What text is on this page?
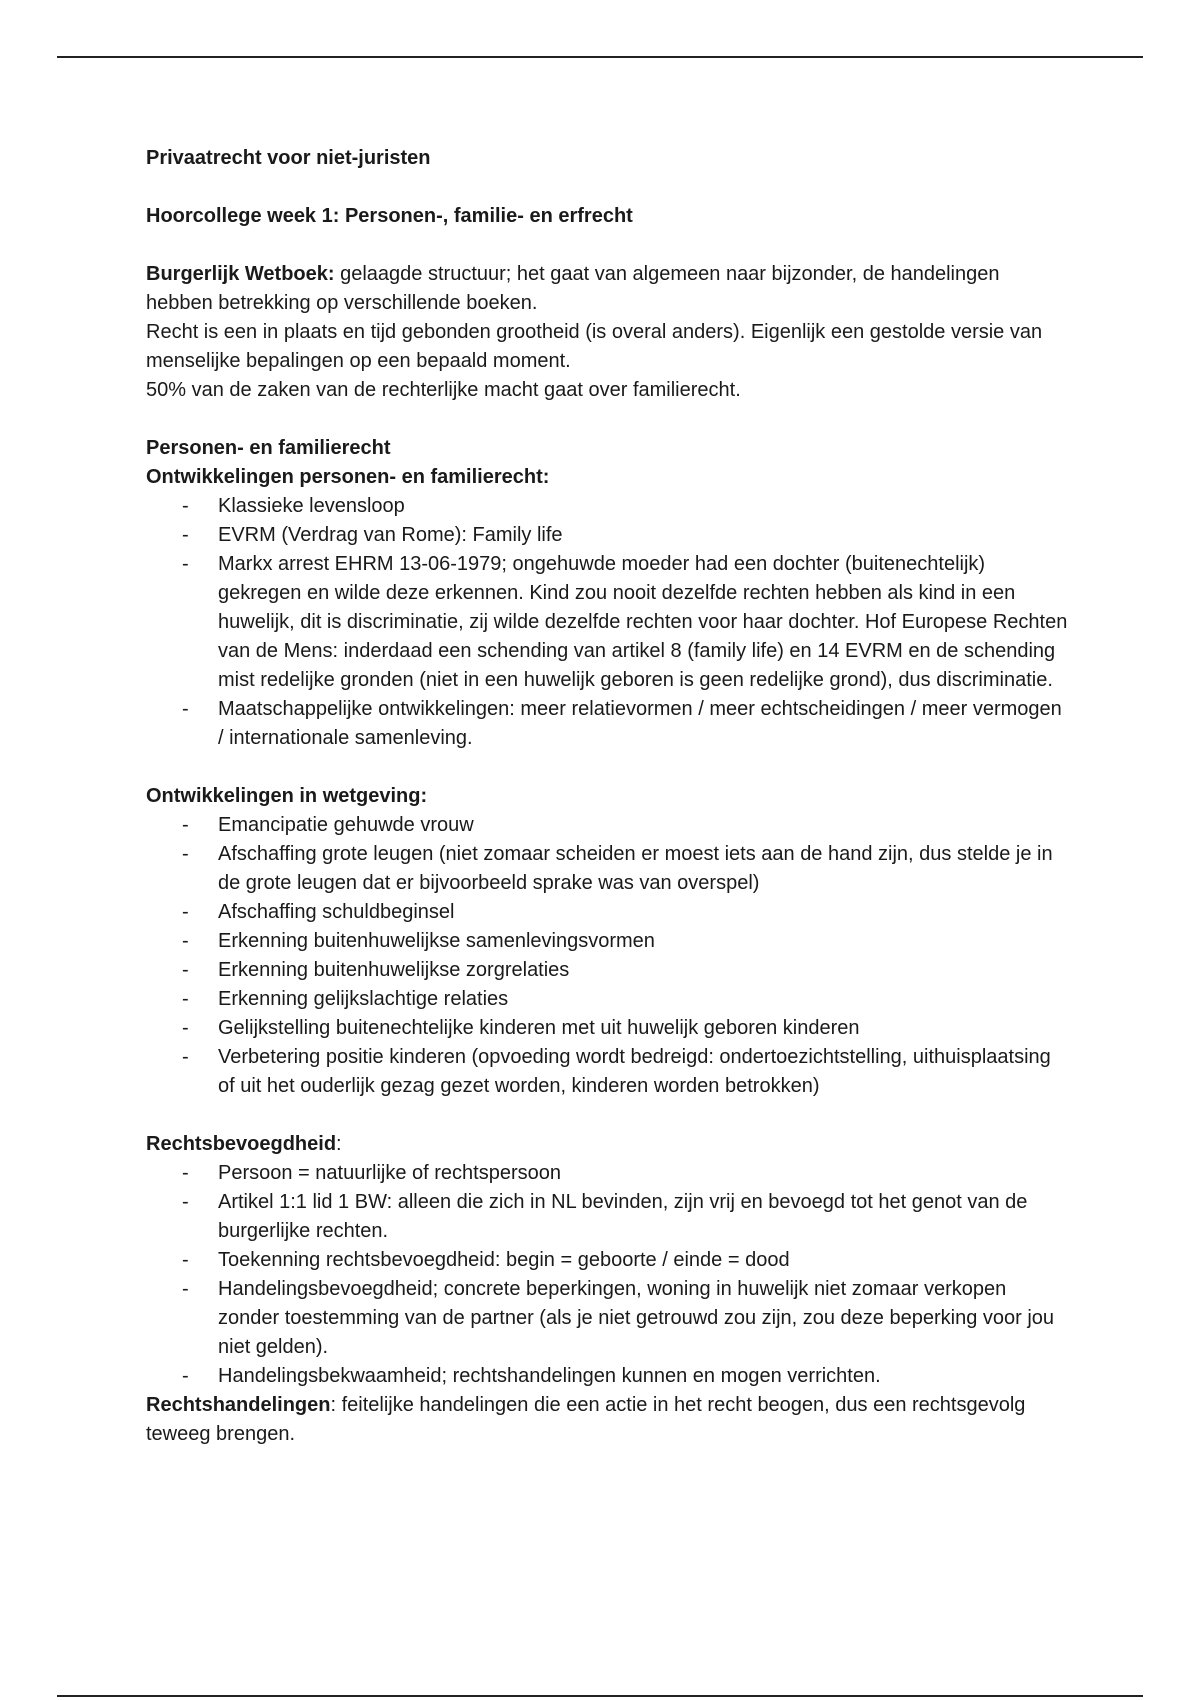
Privaatrecht voor niet-juristen

Hoorcollege week 1: Personen-, familie- en erfrecht

Burgerlijk Wetboek: gelaagde structuur; het gaat van algemeen naar bijzonder, de handelingen hebben betrekking op verschillende boeken.

Recht is een in plaats en tijd gebonden grootheid (is overal anders). Eigenlijk een gestolde versie van menselijke bepalingen op een bepaald moment.

50% van de zaken van de rechterlijke macht gaat over familierecht.

Personen- en familierecht

Ontwikkelingen personen- en familierecht:

- Klassieke levensloop
- EVRM (Verdrag van Rome): Family life
- Markx arrest EHRM 13-06-1979; ongehuwde moeder had een dochter (buitenechtelijk) gekregen en wilde deze erkennen. Kind zou nooit dezelfde rechten hebben als kind in een huwelijk, dit is discriminatie, zij wilde dezelfde rechten voor haar dochter. Hof Europese Rechten van de Mens: inderdaad een schending van artikel 8 (family life) en 14 EVRM en de schending mist redelijke gronden (niet in een huwelijk geboren is geen redelijke grond), dus discriminatie.
- Maatschappelijke ontwikkelingen: meer relatievormen / meer echtscheidingen / meer vermogen / internationale samenleving.

Ontwikkelingen in wetgeving:

- Emancipatie gehuwde vrouw
- Afschaffing grote leugen (niet zomaar scheiden er moest iets aan de hand zijn, dus stelde je in de grote leugen dat er bijvoorbeeld sprake was van overspel)
- Afschaffing schuldbeginsel
- Erkenning buitenhuwelijkse samenlevingsvormen
- Erkenning buitenhuwelijkse zorgrelaties
- Erkenning gelijkslachtige relaties
- Gelijkstelling buitenechtelijke kinderen met uit huwelijk geboren kinderen
- Verbetering positie kinderen (opvoeding wordt bedreigd: ondertoezichtstelling, uithuisplaatsing of uit het ouderlijk gezag gezet worden, kinderen worden betrokken)

Rechtsbevoegdheid:

- Persoon = natuurlijke of rechtspersoon
- Artikel 1:1 lid 1 BW: alleen die zich in NL bevinden, zijn vrij en bevoegd tot het genot van de burgerlijke rechten.
- Toekenning rechtsbevoegdheid: begin = geboorte / einde = dood
- Handelingsbevoegdheid; concrete beperkingen, woning in huwelijk niet zomaar verkopen zonder toestemming van de partner (als je niet getrouwd zou zijn, zou deze beperking voor jou niet gelden).
- Handelingsbekwaamheid; rechtshandelingen kunnen en mogen verrichten.

Rechtshandelingen: feitelijke handelingen die een actie in het recht beogen, dus een rechtsgevolg teweeg brengen.
